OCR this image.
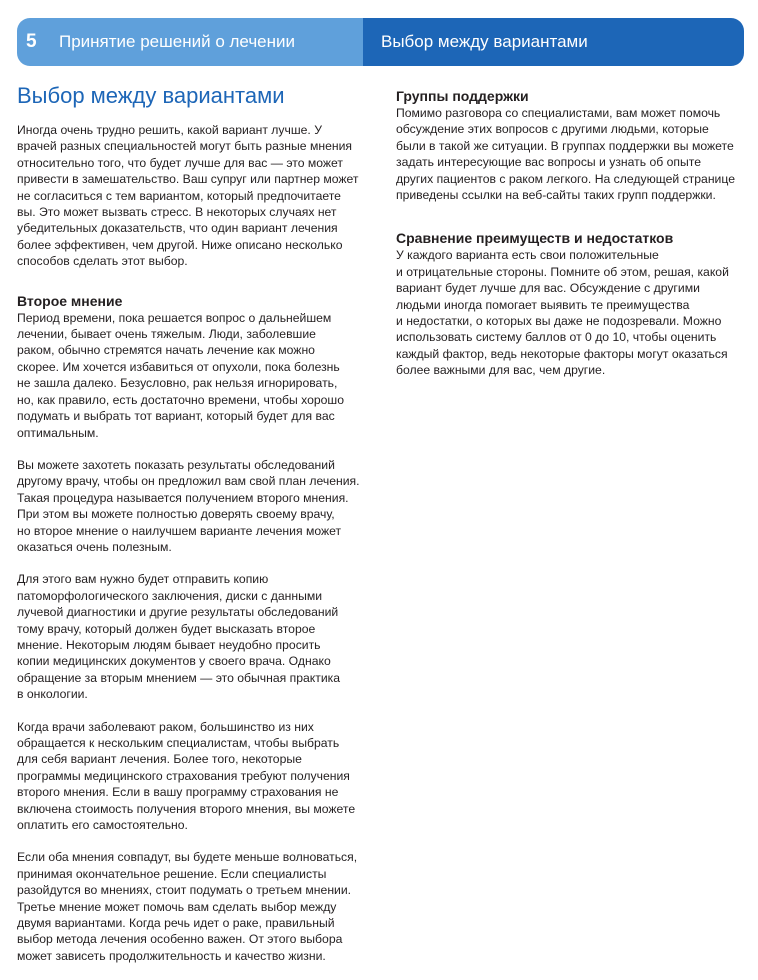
5	Принятие решений о лечении	Выбор между вариантами
Выбор между вариантами

Иногда очень трудно решить, какой вариант лучше. У
врачей разных специальностей могут быть разные мнения
относительно того, что будет лучше для вас — это может
привести в замешательство. Ваш супруг или партнер может
не согласиться с тем вариантом, который предпочитаете
вы. Это может вызвать стресс. В некоторых случаях нет
убедительных доказательств, что один вариант лечения
более эффективен, чем другой. Ниже описано несколько
способов сделать этот выбор.

Второе мнение

Период времени, пока решается вопрос о дальнейшем
лечении, бывает очень тяжелым. Люди, заболевшие
раком, обычно стремятся начать лечение как можно
скорее. Им хочется избавиться от опухоли, пока болезнь
не зашла далеко. Безусловно, рак нельзя игнорировать,
но, как правило, есть достаточно времени, чтобы хорошо
подумать и выбрать тот вариант, который будет для вас
оптимальным.

Вы можете захотеть показать результаты обследований
другому врачу, чтобы он предложил вам свой план лечения.
Такая процедура называется получением второго мнения.
При этом вы можете полностью доверять своему врачу,
но второе мнение о наилучшем варианте лечения может
оказаться очень полезным.

Для этого вам нужно будет отправить копию
патоморфологического заключения, диски с данными
лучевой диагностики и другие результаты обследований
тому врачу, который должен будет высказать второе
мнение. Некоторым людям бывает неудобно просить
копии медицинских документов у своего врача. Однако
обращение за вторым мнением — это обычная практика
в онкологии.

Когда врачи заболевают раком, большинство из них
обращается к нескольким специалистам, чтобы выбрать
для себя вариант лечения. Более того, некоторые
программы медицинского страхования требуют получения
второго мнения. Если в вашу программу страхования не
включена стоимость получения второго мнения, вы можете
оплатить его самостоятельно.

Если оба мнения совпадут, вы будете меньше волноваться,
принимая окончательное решение. Если специалисты
разойдутся во мнениях, стоит подумать о третьем мнении.
Третье мнение может помочь вам сделать выбор между
двумя вариантами. Когда речь идет о раке, правильный
выбор метода лечения особенно важен. От этого выбора
может зависеть продолжительность и качество жизни.

Группы поддержки

Помимо разговора со специалистами, вам может помочь
обсуждение этих вопросов с другими людьми, которые
были в такой же ситуации. В группах поддержки вы можете
задать интересующие вас вопросы и узнать об опыте
других пациентов с раком легкого. На следующей странице
приведены ссылки на веб-сайты таких групп поддержки.

Сравнение преимуществ и недостатков

У каждого варианта есть свои положительные
и отрицательные стороны. Помните об этом, решая, какой
вариант будет лучше для вас. Обсуждение с другими
людьми иногда помогает выявить те преимущества
и недостатки, о которых вы даже не подозревали. Можно
использовать систему баллов от 0 до 10, чтобы оценить
каждый фактор, ведь некоторые факторы могут оказаться
более важными для вас, чем другие.
